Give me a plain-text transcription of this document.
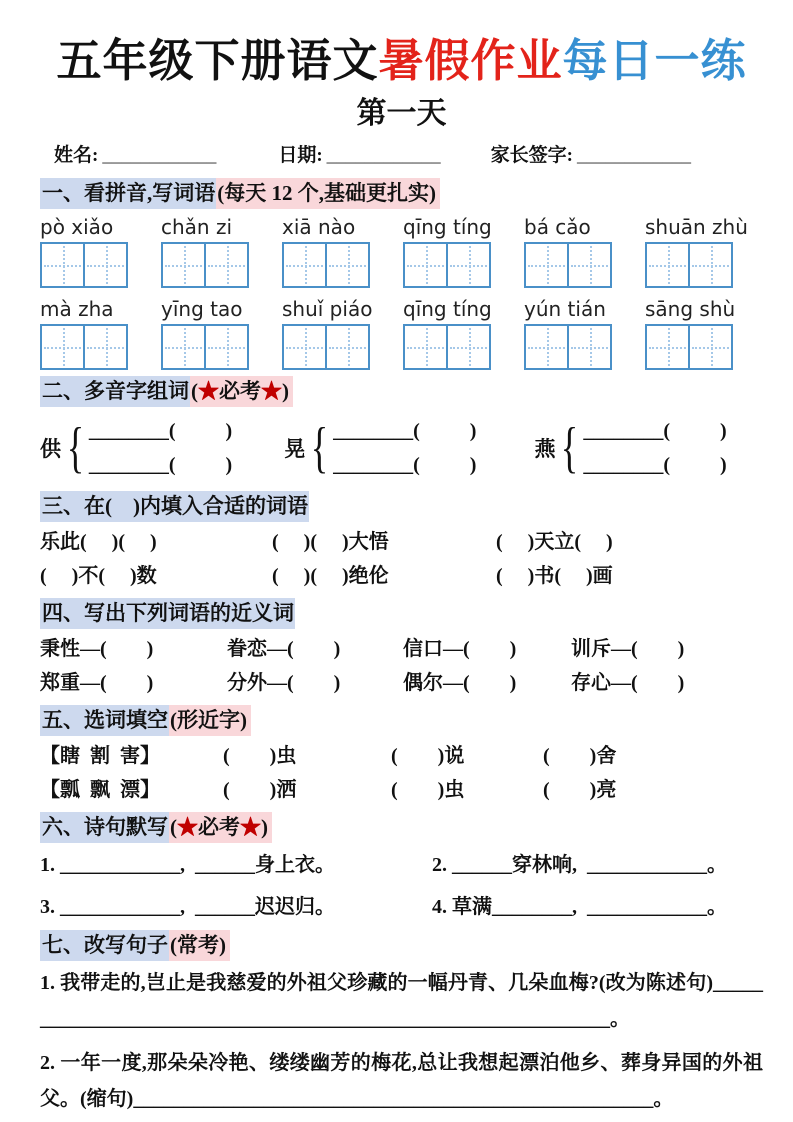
五年级下册语文暑假作业每日一练
第一天
姓名: ____________	日期: ____________	家长签字: ____________
一、看拼音,写词语(每天 12 个,基础更扎实)
pò xiǎo	chǎn zi	xiā nào	qīng tíng	bá cǎo	shuān zhù
mà zha	yīng tao	shuǐ piáo	qīng tíng	yún tián	sāng shù
二、多音字组词(★必考★)
供 { ________(          )
________(          )
晃 { ________(          )
________(          )
燕 { ________(          )
________(          )
三、在(    )内填入合适的词语
乐此(     )(     )	(     )(     )大悟	(     )天立(     )
(     )不(     )数	(     )(     )绝伦	(     )书(     )画
四、写出下列词语的近义词
秉性—(        )	眷恋—(        )	信口—(        )	训斥—(        )
郑重—(        )	分外—(        )	偶尔—(        )	存心—(        )
五、选词填空(形近字)
【瞎  割  害】	(        )虫	(        )说	(        )舍
【瓢  飘  漂】	(        )洒	(        )虫	(        )亮
六、诗句默写(★必考★)
1. ____________,  ______身上衣。	2. ______穿林响,  ____________。
3. ____________,  ______迟迟归。	4. 草满________,  ____________。
七、改写句子(常考)

1. 我带走的,岂止是我慈爱的外祖父珍藏的一幅丹青、几朵血梅?(改为陈述句)______________________________________________________________。

2. 一年一度,那朵朵冷艳、缕缕幽芳的梅花,总让我想起漂泊他乡、葬身异国的外祖父。(缩句)____________________________________________________。
